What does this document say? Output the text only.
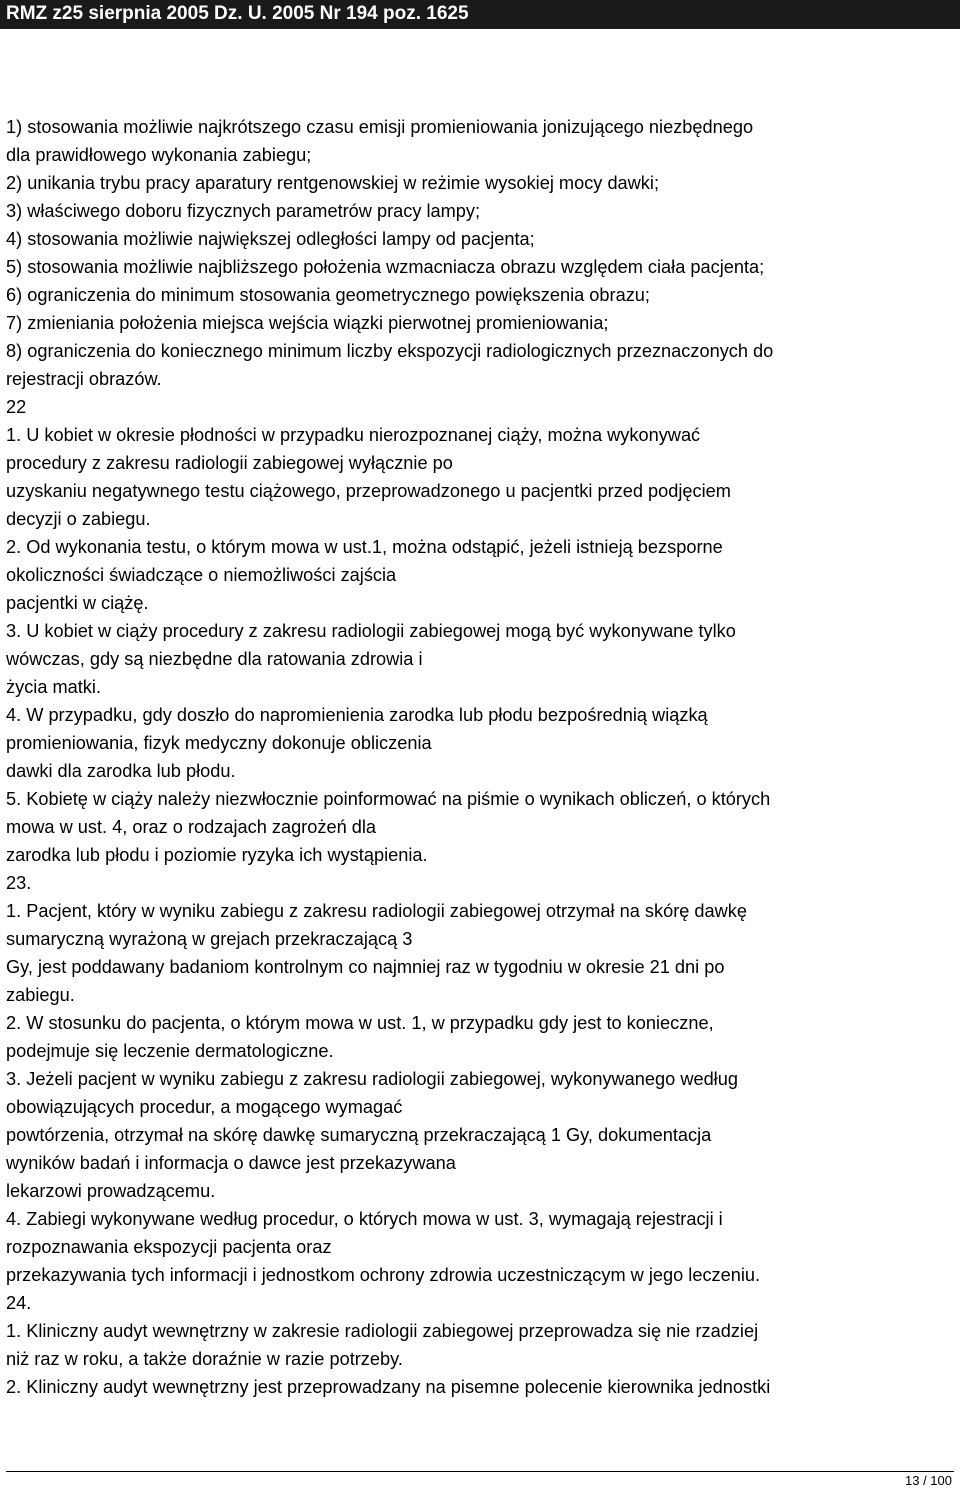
RMZ z25 sierpnia 2005 Dz. U. 2005 Nr 194 poz. 1625
1) stosowania możliwie najkrótszego czasu emisji promieniowania jonizującego niezbędnego
dla prawidłowego wykonania zabiegu;
2) unikania trybu pracy aparatury rentgenowskiej w reżimie wysokiej mocy dawki;
3) właściwego doboru fizycznych parametrów pracy lampy;
4) stosowania możliwie największej odległości lampy od pacjenta;
5) stosowania możliwie najbliższego położenia wzmacniacza obrazu względem ciała pacjenta;
6) ograniczenia do minimum stosowania geometrycznego powiększenia obrazu;
7) zmieniania położenia miejsca wejścia wiązki pierwotnej promieniowania;
8) ograniczenia do koniecznego minimum liczby ekspozycji radiologicznych przeznaczonych do
rejestracji obrazów.
22
1. U kobiet w okresie płodności w przypadku nierozpoznanej ciąży, można wykonywać
procedury z zakresu radiologii zabiegowej wyłącznie po
uzyskaniu negatywnego testu ciążowego, przeprowadzonego u pacjentki przed podjęciem
decyzji o zabiegu.
2. Od wykonania testu, o którym mowa w ust.1, można odstąpić, jeżeli istnieją bezsporne
okoliczności świadczące o niemożliwości zajścia
pacjentki w ciążę.
3. U kobiet w ciąży procedury z zakresu radiologii zabiegowej mogą być wykonywane tylko
wówczas, gdy są niezbędne dla ratowania zdrowia i
życia matki.
4. W przypadku, gdy doszło do napromienienia zarodka lub płodu bezpośrednią wiązką
promieniowania, fizyk medyczny dokonuje obliczenia
dawki dla zarodka lub płodu.
5. Kobietę w ciąży należy niezwłocznie poinformować na piśmie o wynikach obliczeń, o których
mowa w ust. 4, oraz o rodzajach zagrożeń dla
zarodka lub płodu i poziomie ryzyka ich wystąpienia.
23.
1. Pacjent, który w wyniku zabiegu z zakresu radiologii zabiegowej otrzymał na skórę dawkę
sumaryczną wyrażoną w grejach przekraczającą 3
Gy, jest poddawany badaniom kontrolnym co najmniej raz w tygodniu w okresie 21 dni po
zabiegu.
2. W stosunku do pacjenta, o którym mowa w ust. 1, w przypadku gdy jest to konieczne,
podejmuje się leczenie dermatologiczne.
3. Jeżeli pacjent w wyniku zabiegu z zakresu radiologii zabiegowej, wykonywanego według
obowiązujących procedur, a mogącego wymagać
powtórzenia, otrzymał na skórę dawkę sumaryczną przekraczającą 1 Gy, dokumentacja
wyników badań i informacja o dawce jest przekazywana
lekarzowi prowadzącemu.
4. Zabiegi wykonywane według procedur, o których mowa w ust. 3, wymagają rejestracji i
rozpoznawania ekspozycji pacjenta oraz
przekazywania tych informacji i jednostkom ochrony zdrowia uczestniczącym w jego leczeniu.
24.
1. Kliniczny audyt wewnętrzny w zakresie radiologii zabiegowej przeprowadza się nie rzadziej
niż raz w roku, a także doraźnie w razie potrzeby.
2. Kliniczny audyt wewnętrzny jest przeprowadzany na pisemne polecenie kierownika jednostki
13 / 100
